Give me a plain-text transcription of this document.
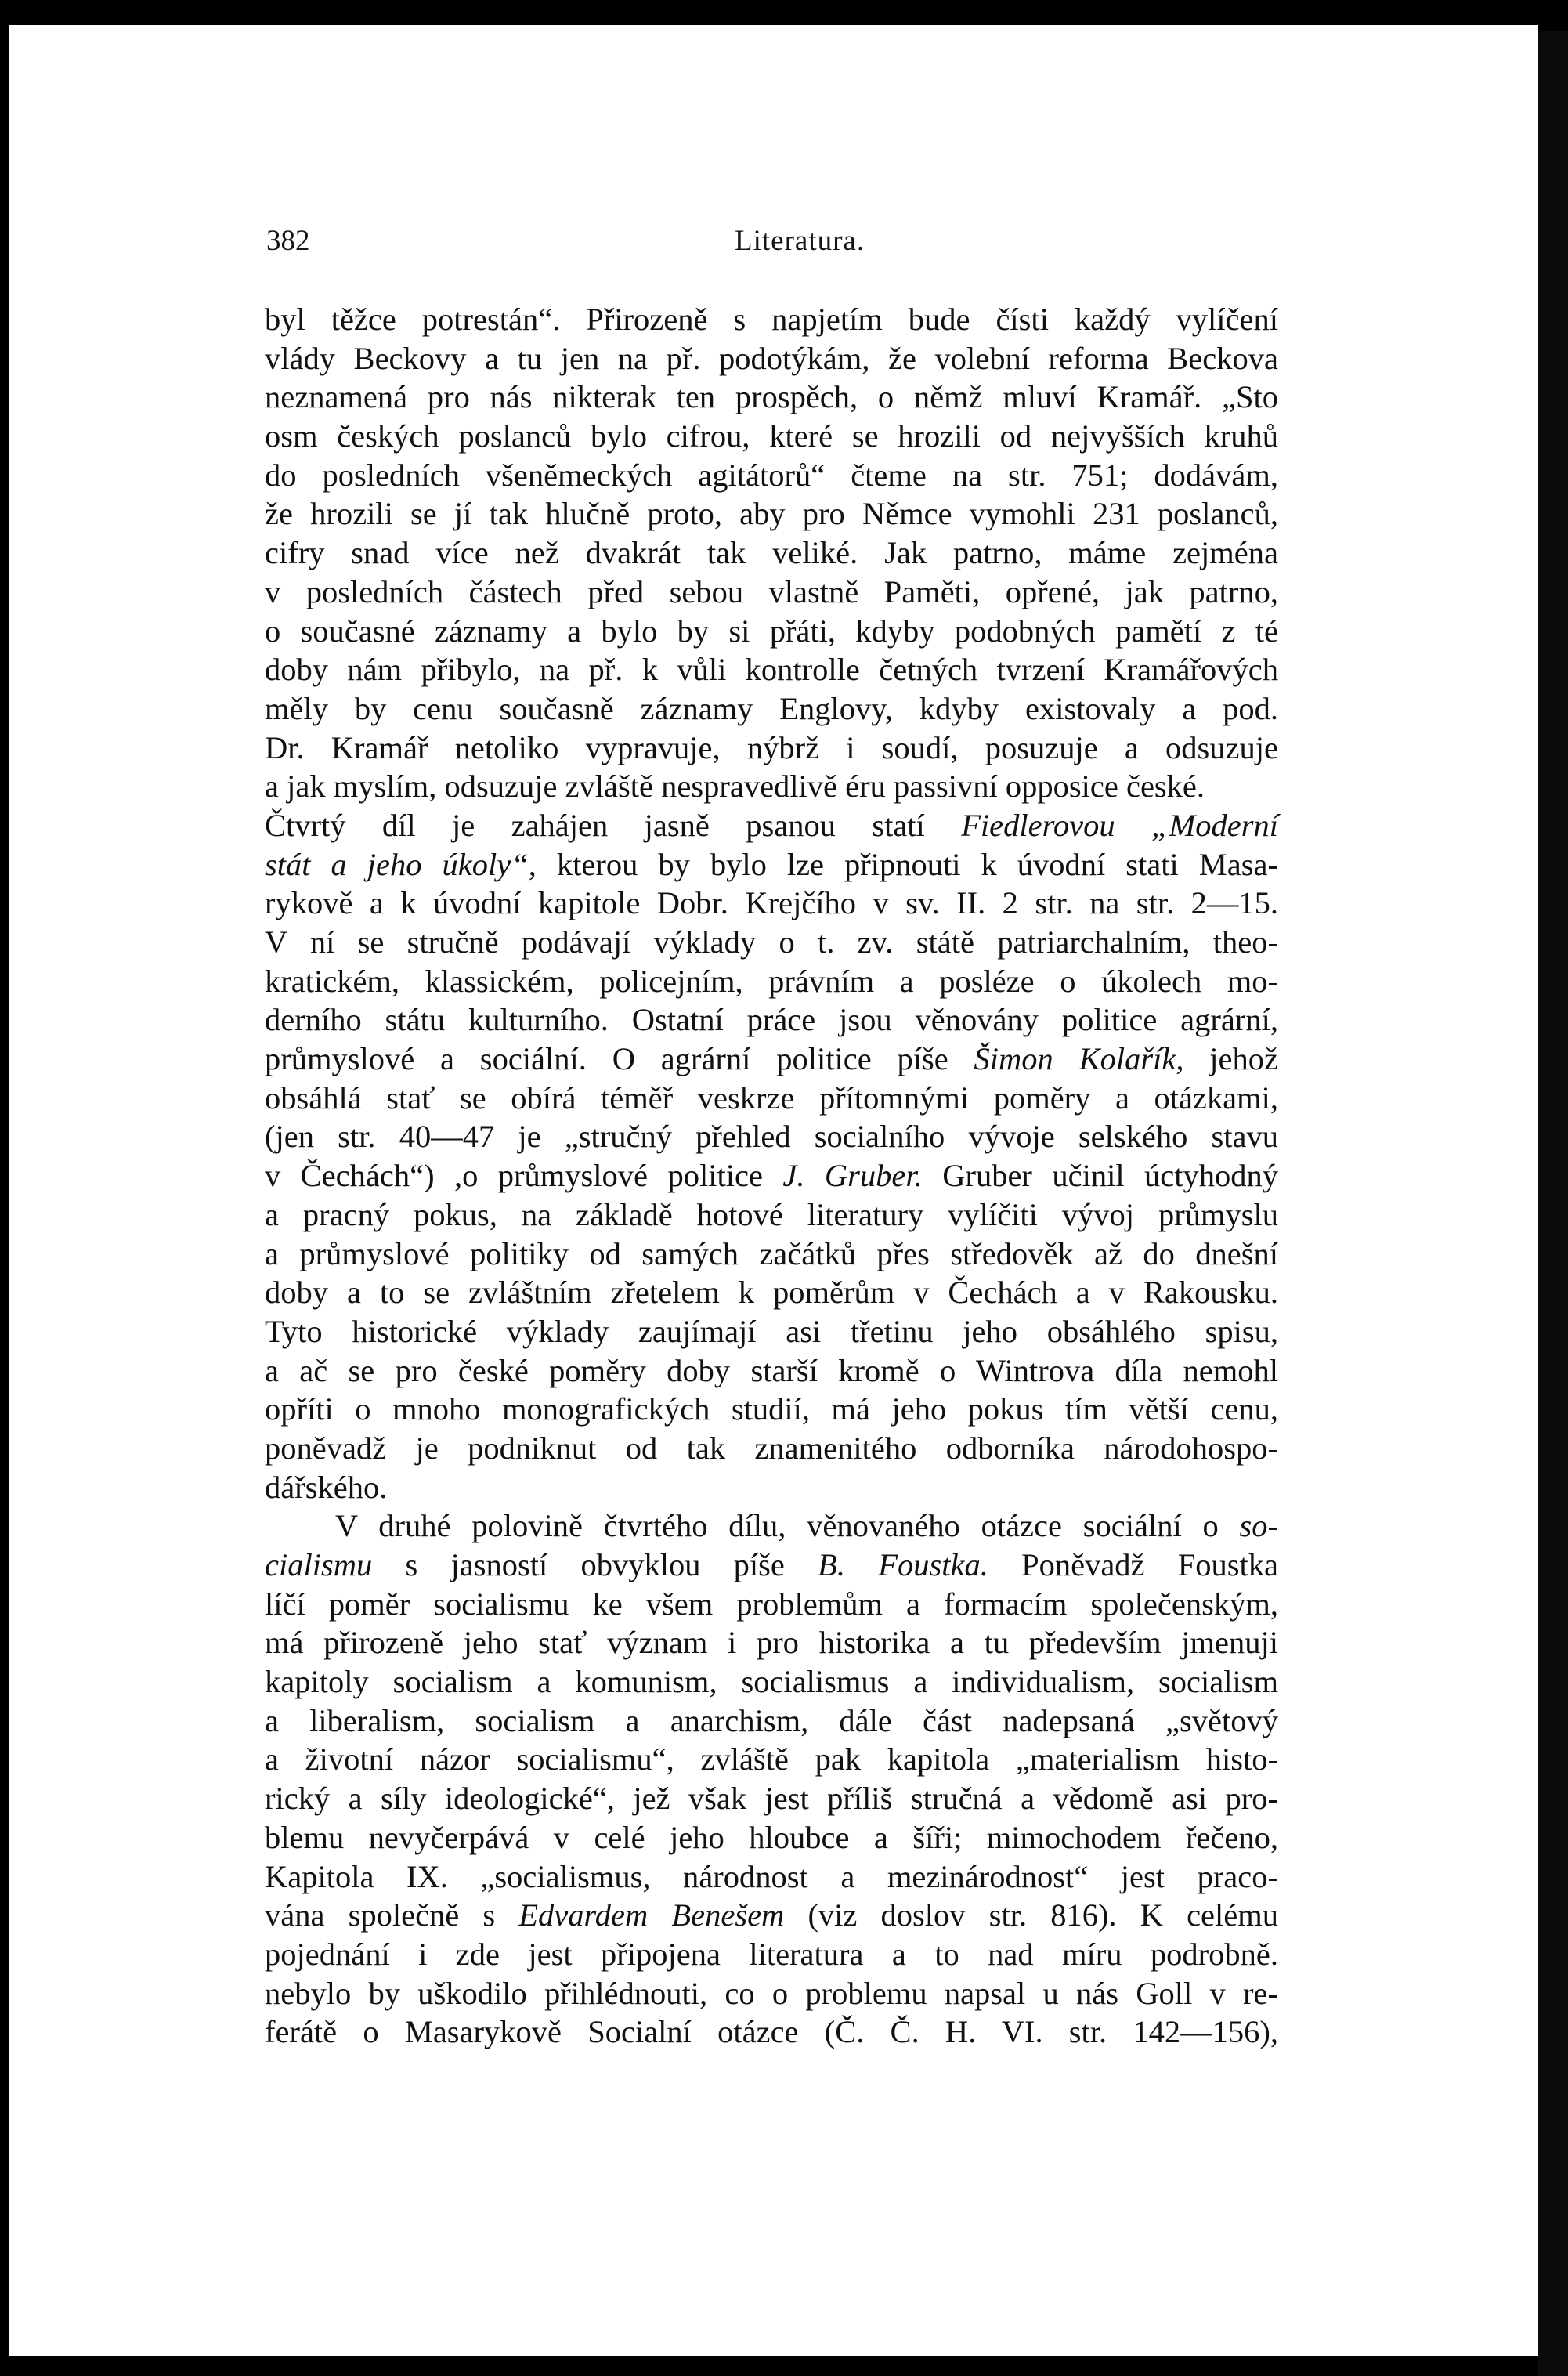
382	Literatura.
byl těžce potrestán“. Přirozeně s napjetím bude čísti každý vylíčení
vlády Beckovy a tu jen na př. podotýkám, že volební reforma Beckova
neznamená pro nás nikterak ten prospěch, o němž mluví Kramář. „Sto
osm českých poslanců bylo cifrou, které se hrozili od nejvyšších kruhů
do posledních všeněmeckých agitátorů“ čteme na str. 751; dodávám,
že hrozili se jí tak hlučně proto, aby pro Němce vymohli 231 poslanců,
cifry snad více než dvakrát tak veliké. Jak patrno, máme zejména
v posledních částech před sebou vlastně Paměti, opřené, jak patrno,
o současné záznamy a bylo by si přáti, kdyby podobných pamětí z té
doby nám přibylo, na př. k vůli kontrolle četných tvrzení Kramářových
měly by cenu současně záznamy Englovy, kdyby existovaly a pod.
Dr. Kramář netoliko vypravuje, nýbrž i soudí, posuzuje a odsuzuje
a jak myslím, odsuzuje zvláště nespravedlivě éru passivní opposice české.
Čtvrtý díl je zahájen jasně psanou statí Fiedlerovou „Moderní
stát a jeho úkoly“, kterou by bylo lze připnouti k úvodní stati Masa-
rykově a k úvodní kapitole Dobr. Krejčího v sv. II. 2 str. na str. 2—15.
V ní se stručně podávají výklady o t. zv. státě patriarchalním, theo-
kratickém, klassickém, policejním, právním a posléze o úkolech mo-
derního státu kulturního. Ostatní práce jsou věnovány politice agrární,
průmyslové a sociální. O agrární politice píše Šimon Kolařík, jehož
obsáhlá stať se obírá téměř veskrze přítomnými poměry a otázkami,
(jen str. 40—47 je „stručný přehled socialního vývoje selského stavu
v Čechách“) ,o průmyslové politice J. Gruber. Gruber učinil úctyhodný
a pracný pokus, na základě hotové literatury vylíčiti vývoj průmyslu
a průmyslové politiky od samých začátků přes středověk až do dnešní
doby a to se zvláštním zřetelem k poměrům v Čechách a v Rakousku.
Tyto historické výklady zaujímají asi třetinu jeho obsáhlého spisu,
a ač se pro české poměry doby starší kromě o Wintrova díla nemohl
opříti o mnoho monografických studií, má jeho pokus tím větší cenu,
poněvadž je podniknut od tak znamenitého odborníka národohospo-
dářského.
V druhé polovině čtvrtého dílu, věnovaného otázce sociální o so-
cialismu s jasností obvyklou píše B. Foustka. Poněvadž Foustka
líčí poměr socialismu ke všem problemům a formacím společenským,
má přirozeně jeho stať význam i pro historika a tu především jmenuji
kapitoly socialism a komunism, socialismus a individualism, socialism
a liberalism, socialism a anarchism, dále část nadepsaná „světový
a životní názor socialismu“, zvláště pak kapitola „materialism histo-
rický a síly ideologické“, jež však jest příliš stručná a vědomě asi pro-
blemu nevyčerpává v celé jeho hloubce a šíři; mimochodem řečeno,
Kapitola IX. „socialismus, národnost a mezinárodnost“ jest praco-
vána společně s Edvardem Benešem (viz doslov str. 816). K celému
pojednání i zde jest připojena literatura a to nad míru podrobně.
nebylo by uškodilo přihlédnouti, co o problemu napsal u nás Goll v re-
ferátě o Masarykově Socialní otázce (Č. Č. H. VI. str. 142—156),
